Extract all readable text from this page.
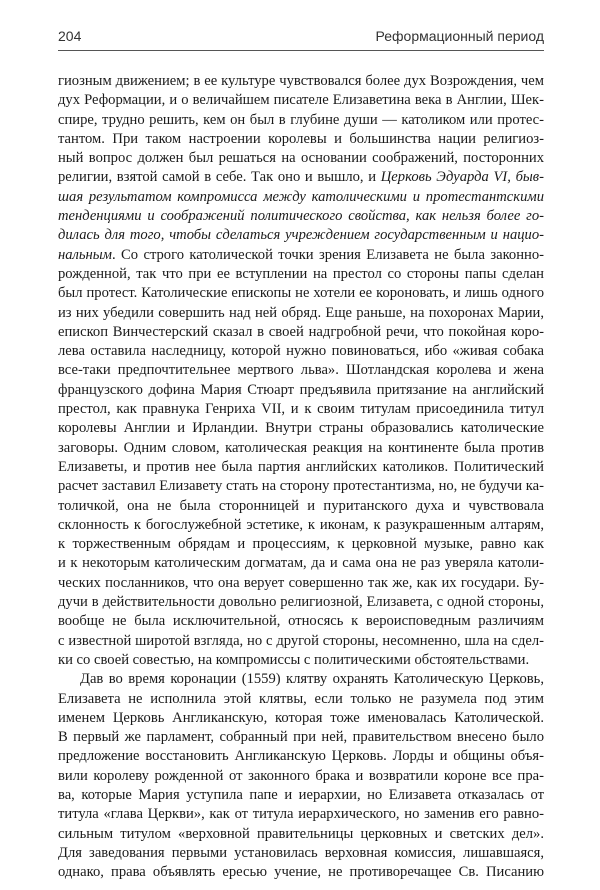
204	Реформационный период
гиозным движением; в ее культуре чувствовался более дух Возрождения, чем
дух Реформации, и о величайшем писателе Елизаветина века в Англии, Шек-
спире, трудно решить, кем он был в глубине души — католиком или протес-
тантом. При таком настроении королевы и большинства нации религиоз-
ный вопрос должен был решаться на основании соображений, посторонних
религии, взятой самой в себе. Так оно и вышло, и Церковь Эдуарда VI, быв-
шая результатом компромисса между католическими и протестантскими
тенденциями и соображений политического свойства, как нельзя более го-
дилась для того, чтобы сделаться учреждением государственным и нацио-
нальным. Со строго католической точки зрения Елизавета не была законно-
рожденной, так что при ее вступлении на престол со стороны папы сделан
был протест. Католические епископы не хотели ее короновать, и лишь одного
из них убедили совершить над ней обряд. Еще раньше, на похоронах Марии,
епископ Винчестерский сказал в своей надгробной речи, что покойная коро-
лева оставила наследницу, которой нужно повиноваться, ибо «живая собака
все-таки предпочтительнее мертвого льва». Шотландская королева и жена
французского дофина Мария Стюарт предъявила притязание на английский
престол, как правнука Генриха VII, и к своим титулам присоединила титул
королевы Англии и Ирландии. Внутри страны образовались католические
заговоры. Одним словом, католическая реакция на континенте была против
Елизаветы, и против нее была партия английских католиков. Политический
расчет заставил Елизавету стать на сторону протестантизма, но, не будучи ка-
толичкой, она не была сторонницей и пуританского духа и чувствовала
склонность к богослужебной эстетике, к иконам, к разукрашенным алтарям,
к торжественным обрядам и процессиям, к церковной музыке, равно как
и к некоторым католическим догматам, да и сама она не раз уверяла католи-
ческих посланников, что она верует совершенно так же, как их государи. Бу-
дучи в действительности довольно религиозной, Елизавета, с одной стороны,
вообще не была исключительной, относясь к вероисповедным различиям
с известной широтой взгляда, но с другой стороны, несомненно, шла на сдел-
ки со своей совестью, на компромиссы с политическими обстоятельствами.
Дав во время коронации (1559) клятву охранять Католическую Церковь,
Елизавета не исполнила этой клятвы, если только не разумела под этим
именем Церковь Англиканскую, которая тоже именовалась Католической.
В первый же парламент, собранный при ней, правительством внесено было
предложение восстановить Англиканскую Церковь. Лорды и общины объя-
вили королеву рожденной от законного брака и возвратили короне все пра-
ва, которые Мария уступила папе и иерархии, но Елизавета отказалась от
титула «глава Церкви», как от титула иерархического, но заменив его равно-
сильным титулом «верховной правительницы церковных и светских дел».
Для заведования первыми установилась верховная комиссия, лишавшаяся,
однако, права объявлять ересью учение, не противоречащее Св. Писанию
